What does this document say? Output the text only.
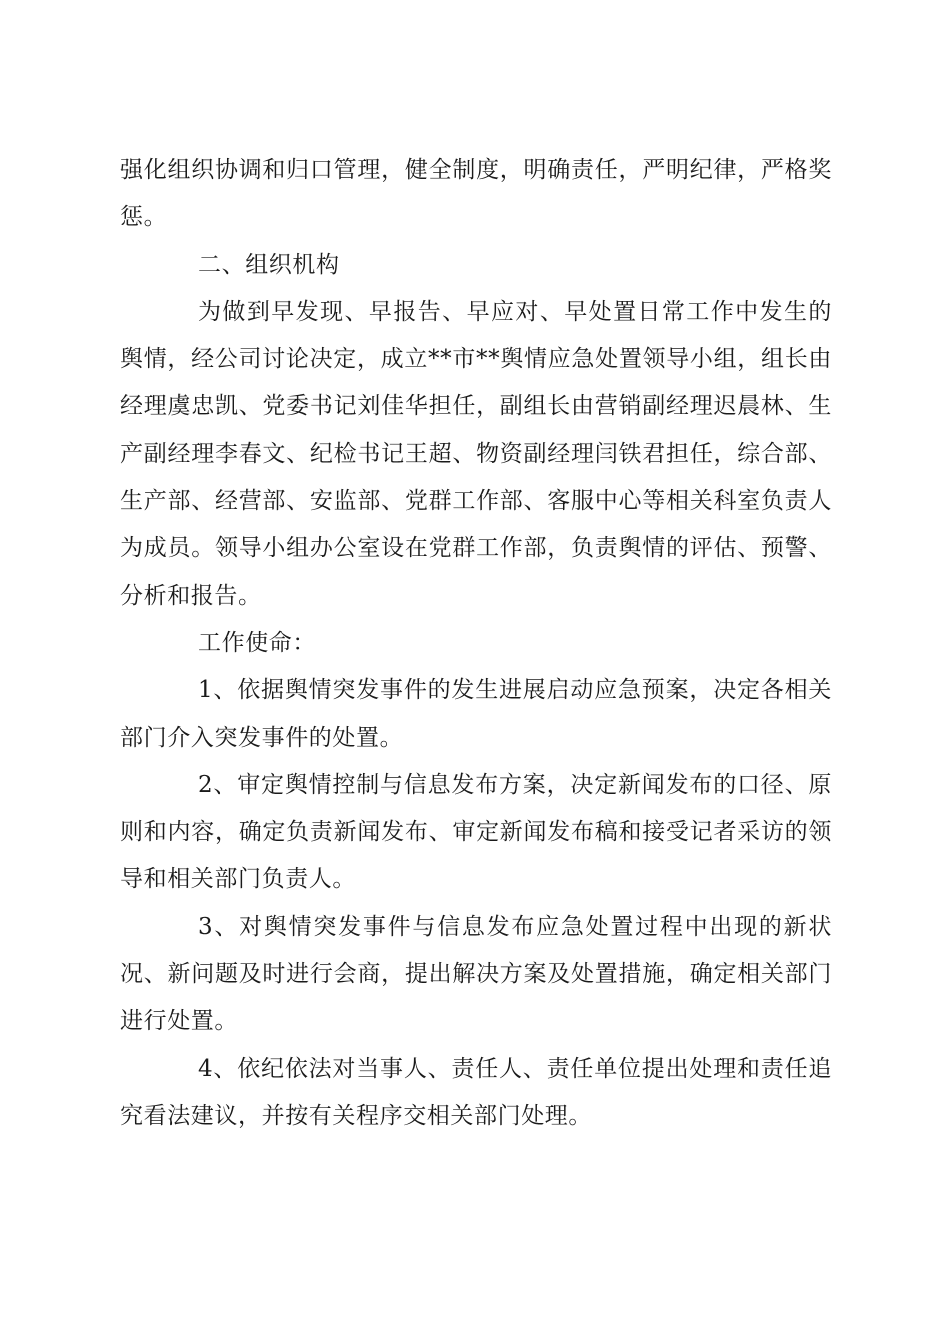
强化组织协调和归口管理，健全制度，明确责任，严明纪律，严格奖惩。

二、组织机构

为做到早发现、早报告、早应对、早处置日常工作中发生的舆情，经公司讨论决定，成立**市**舆情应急处置领导小组，组长由经理虞忠凯、党委书记刘佳华担任，副组长由营销副经理迟晨林、生产副经理李春文、纪检书记王超、物资副经理闫铁君担任，综合部、生产部、经营部、安监部、党群工作部、客服中心等相关科室负责人为成员。领导小组办公室设在党群工作部，负责舆情的评估、预警、分析和报告。

工作使命：

1、依据舆情突发事件的发生进展启动应急预案，决定各相关部门介入突发事件的处置。

2、审定舆情控制与信息发布方案，决定新闻发布的口径、原则和内容，确定负责新闻发布、审定新闻发布稿和接受记者采访的领导和相关部门负责人。

3、对舆情突发事件与信息发布应急处置过程中出现的新状况、新问题及时进行会商，提出解决方案及处置措施，确定相关部门进行处置。

4、依纪依法对当事人、责任人、责任单位提出处理和责任追究看法建议，并按有关程序交相关部门处理。
